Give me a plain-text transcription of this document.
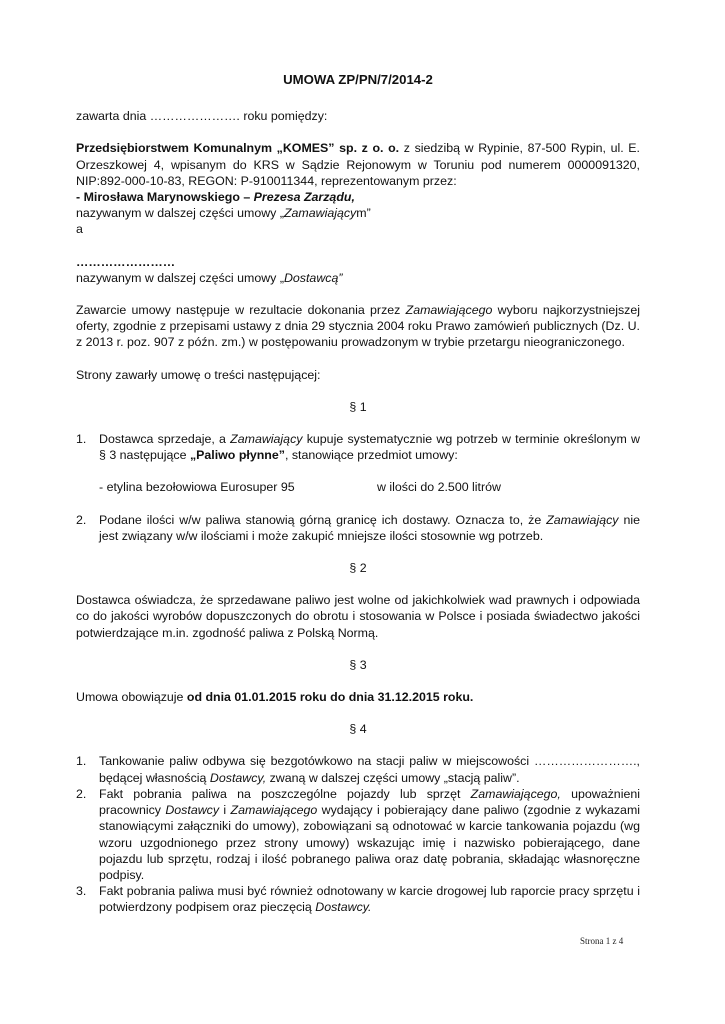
UMOWA ZP/PN/7/2014-2

zawarta dnia …………………. roku pomiędzy:

Przedsiębiorstwem Komunalnym „KOMES” sp. z o. o. z siedzibą w Rypinie, 87-500 Rypin, ul. E. Orzeszkowej 4, wpisanym do KRS w Sądzie Rejonowym w Toruniu pod numerem 0000091320, NIP:892-000-10-83, REGON: P-910011344, reprezentowanym przez:

- Mirosława Marynowskiego – Prezesa Zarządu,

nazywanym w dalszej części umowy „Zamawiającym”

a

……………………

nazywanym w dalszej części umowy „Dostawcą”

Zawarcie umowy następuje w rezultacie dokonania przez Zamawiającego wyboru najkorzystniejszej oferty, zgodnie z przepisami ustawy z dnia 29 stycznia 2004 roku Prawo zamówień publicznych (Dz. U. z 2013 r. poz. 907 z późn. zm.) w postępowaniu prowadzonym w trybie przetargu nieograniczonego.

Strony zawarły umowę o treści następującej:

§ 1

1. Dostawca sprzedaje, a Zamawiający kupuje systematycznie wg potrzeb w terminie określonym w § 3 następujące „Paliwo płynne”, stanowiące przedmiot umowy:
- etylina bezołowiowa Eurosuper 95	w ilości do 2.500 litrów
2. Podane ilości w/w paliwa stanowią górną granicę ich dostawy. Oznacza to, że Zamawiający nie jest związany w/w ilościami i może zakupić mniejsze ilości stosownie wg potrzeb.

§ 2

Dostawca oświadcza, że sprzedawane paliwo jest wolne od jakichkolwiek wad prawnych i odpowiada co do jakości wyrobów dopuszczonych do obrotu i stosowania w Polsce i posiada świadectwo jakości potwierdzające m.in. zgodność paliwa z Polską Normą.

§ 3

Umowa obowiązuje od dnia 01.01.2015 roku do dnia 31.12.2015 roku.

§ 4

1. Tankowanie paliw odbywa się bezgotówkowo na stacji paliw w miejscowości ……………………., będącej własnością Dostawcy, zwaną w dalszej części umowy „stacją paliw”.
2. Fakt pobrania paliwa na poszczególne pojazdy lub sprzęt Zamawiającego, upoważnieni pracownicy Dostawcy i Zamawiającego wydający i pobierający dane paliwo (zgodnie z wykazami stanowiącymi załączniki do umowy), zobowiązani są odnotować w karcie tankowania pojazdu (wg wzoru uzgodnionego przez strony umowy) wskazując imię i nazwisko pobierającego, dane pojazdu lub sprzętu, rodzaj i ilość pobranego paliwa oraz datę pobrania, składając własnoręczne podpisy.
3. Fakt pobrania paliwa musi być również odnotowany w karcie drogowej lub raporcie pracy sprzętu i potwierdzony podpisem oraz pieczęcią Dostawcy.
Strona 1 z 4
